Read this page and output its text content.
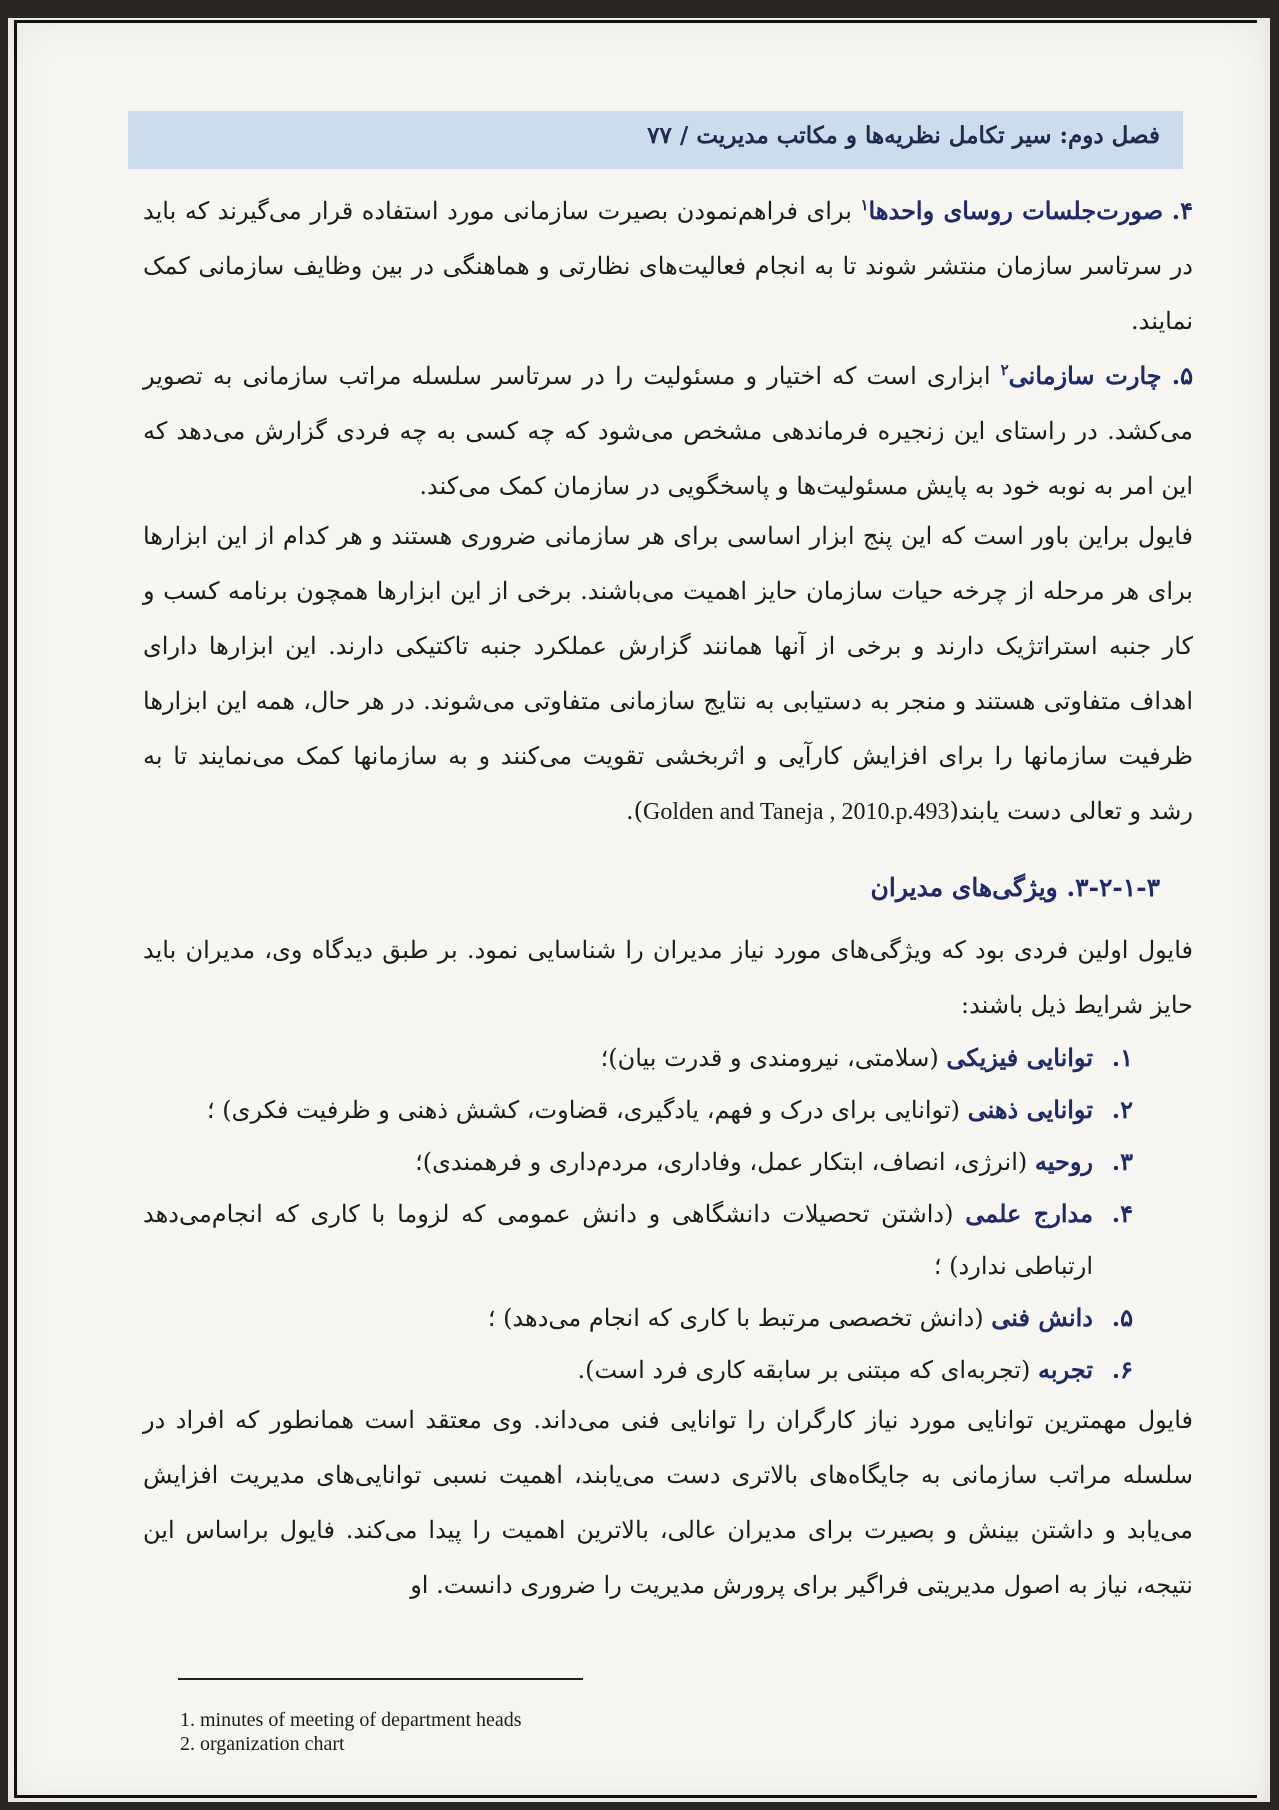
فصل دوم: سیر تکامل نظریه‌ها و مکاتب مدیریت / ۷۷
۴. صورت‌جلسات روسای واحدها$^۱$ برای فراهم‌نمودن بصیرت سازمانی مورد استفاده قرار می‌گیرند که باید در سرتاسر سازمان منتشر شوند تا به انجام فعالیت‌های نظارتی و هماهنگی در بین وظایف سازمانی کمک نمایند.
۵. چارت سازمانی$^۲$ ابزاری است که اختیار و مسئولیت را در سرتاسر سلسله مراتب سازمانی به تصویر می‌کشد. در راستای این زنجیره فرماندهی مشخص می‌شود که چه کسی به چه فردی گزارش می‌دهد که این امر به نوبه خود به پایش مسئولیت‌ها و پاسخگویی در سازمان کمک می‌کند.
فایول براین باور است که این پنج ابزار اساسی برای هر سازمانی ضروری هستند و هر کدام از این ابزارها برای هر مرحله از چرخه حیات سازمان حایز اهمیت می‌باشند. برخی از این ابزارها همچون برنامه کسب و کار جنبه استراتژیک دارند و برخی از آنها همانند گزارش عملکرد جنبه تاکتیکی دارند. این ابزارها دارای اهداف متفاوتی هستند و منجر به دستیابی به نتایج سازمانی متفاوتی می‌شوند. در هر حال، همه این ابزارها ظرفیت سازمانها را برای افزایش کارآیی و اثربخشی تقویت می‌کنند و به سازمانها کمک می‌نمایند تا به رشد و تعالی دست یابند(Golden and Taneja , 2010.p.493).
۳-۲-۱-۳. ویژگی‌های مدیران
فایول اولین فردی بود که ویژگی‌های مورد نیاز مدیران را شناسایی نمود. بر طبق دیدگاه وی، مدیران باید حایز شرایط ذیل باشند:
۱.
توانایی فیزیکی (سلامتی، نیرومندی و قدرت بیان)؛
۲.
توانایی ذهنی (توانایی برای درک و فهم، یادگیری، قضاوت، کشش ذهنی و ظرفیت فکری) ؛
۳.
روحیه (انرژی، انصاف، ابتکار عمل، وفاداری، مردم‌داری و فرهمندی)؛
۴.
مدارج علمی (داشتن تحصیلات دانشگاهی و دانش عمومی که لزوما با کاری که انجام‌می‌دهد ارتباطی ندارد) ؛
۵.
دانش فنی (دانش تخصصی مرتبط با کاری که انجام می‌دهد) ؛
۶.
تجربه (تجربه‌ای که مبتنی بر سابقه کاری فرد است).
فایول مهمترین توانایی مورد نیاز کارگران را توانایی فنی می‌داند. وی معتقد است همانطور که افراد در سلسله مراتب سازمانی به جایگاه‌های بالاتری دست می‌یابند، اهمیت نسبی توانایی‌های مدیریت افزایش می‌یابد و داشتن بینش و بصیرت برای مدیران عالی، بالاترین اهمیت را پیدا می‌کند. فایول براساس این نتیجه، نیاز به اصول مدیریتی فراگیر برای پرورش مدیریت را ضروری دانست. او
1. minutes of meeting of department heads
2. organization chart
